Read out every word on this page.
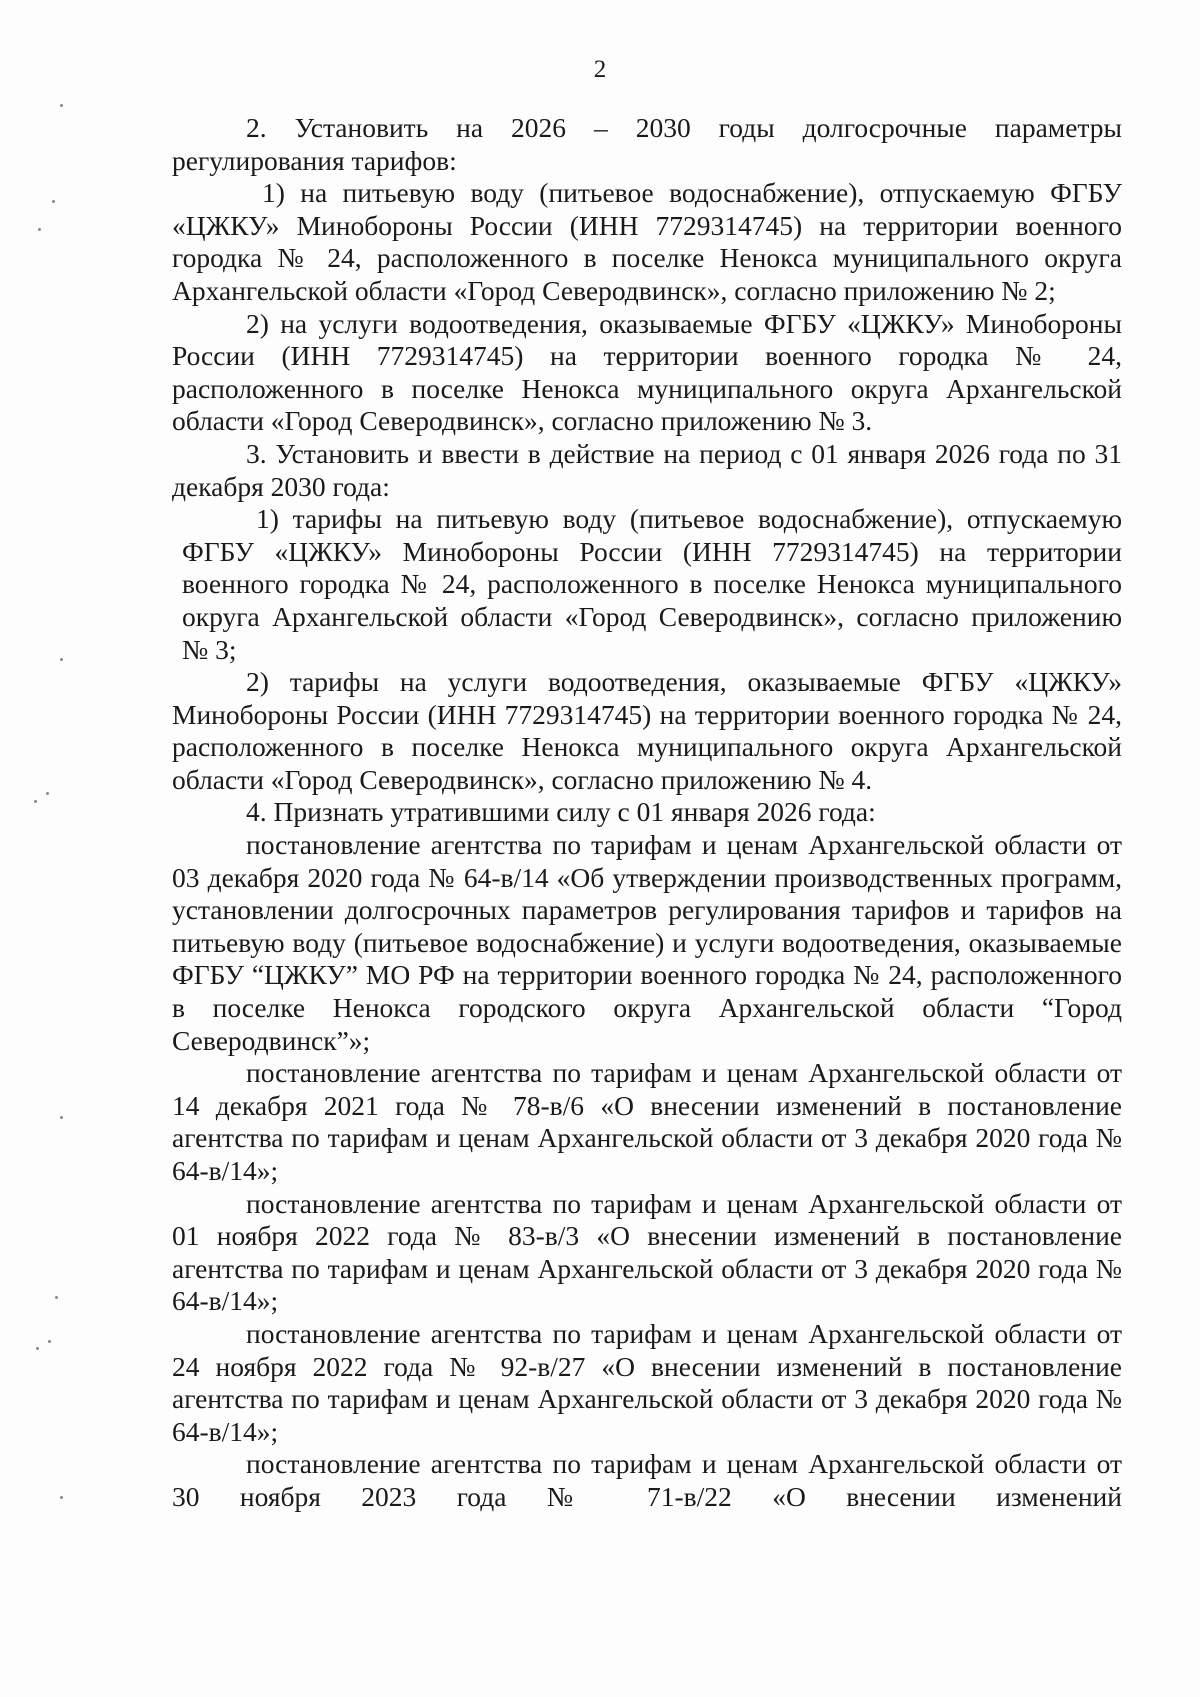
2

2. Установить на 2026 – 2030 годы долгосрочные параметры регулирования тарифов:

1) на питьевую воду (питьевое водоснабжение), отпускаемую ФГБУ «ЦЖКУ» Минобороны России (ИНН 7729314745) на территории военного городка № 24, расположенного в поселке Ненокса муниципального округа Архангельской области «Город Северодвинск», согласно приложению № 2;

2) на услуги водоотведения, оказываемые ФГБУ «ЦЖКУ» Минобороны России (ИНН 7729314745) на территории военного городка № 24, расположенного в поселке Ненокса муниципального округа Архангельской области «Город Северодвинск», согласно приложению № 3.

3. Установить и ввести в действие на период с 01 января 2026 года по 31 декабря 2030 года:

1) тарифы на питьевую воду (питьевое водоснабжение), отпускаемую ФГБУ «ЦЖКУ» Минобороны России (ИНН 7729314745) на территории военного городка № 24, расположенного в поселке Ненокса муниципального округа Архангельской области «Город Северодвинск», согласно приложению № 3;

2) тарифы на услуги водоотведения, оказываемые ФГБУ «ЦЖКУ» Минобороны России (ИНН 7729314745) на территории военного городка № 24, расположенного в поселке Ненокса муниципального округа Архангельской области «Город Северодвинск», согласно приложению № 4.

4. Признать утратившими силу с 01 января 2026 года:

постановление агентства по тарифам и ценам Архангельской области от 03 декабря 2020 года № 64-в/14 «Об утверждении производственных программ, установлении долгосрочных параметров регулирования тарифов и тарифов на питьевую воду (питьевое водоснабжение) и услуги водоотведения, оказываемые ФГБУ “ЦЖКУ” МО РФ на территории военного городка № 24, расположенного в поселке Ненокса городского округа Архангельской области “Город Северодвинск”»;

постановление агентства по тарифам и ценам Архангельской области от 14 декабря 2021 года № 78-в/6 «О внесении изменений в постановление агентства по тарифам и ценам Архангельской области от 3 декабря 2020 года № 64-в/14»;

постановление агентства по тарифам и ценам Архангельской области от 01 ноября 2022 года № 83-в/3 «О внесении изменений в постановление агентства по тарифам и ценам Архангельской области от 3 декабря 2020 года № 64-в/14»;

постановление агентства по тарифам и ценам Архангельской области от 24 ноября 2022 года № 92-в/27 «О внесении изменений в постановление агентства по тарифам и ценам Архангельской области от 3 декабря 2020 года № 64-в/14»;

постановление агентства по тарифам и ценам Архангельской области от 30 ноября 2023 года № 71-в/22 «О внесении изменений
